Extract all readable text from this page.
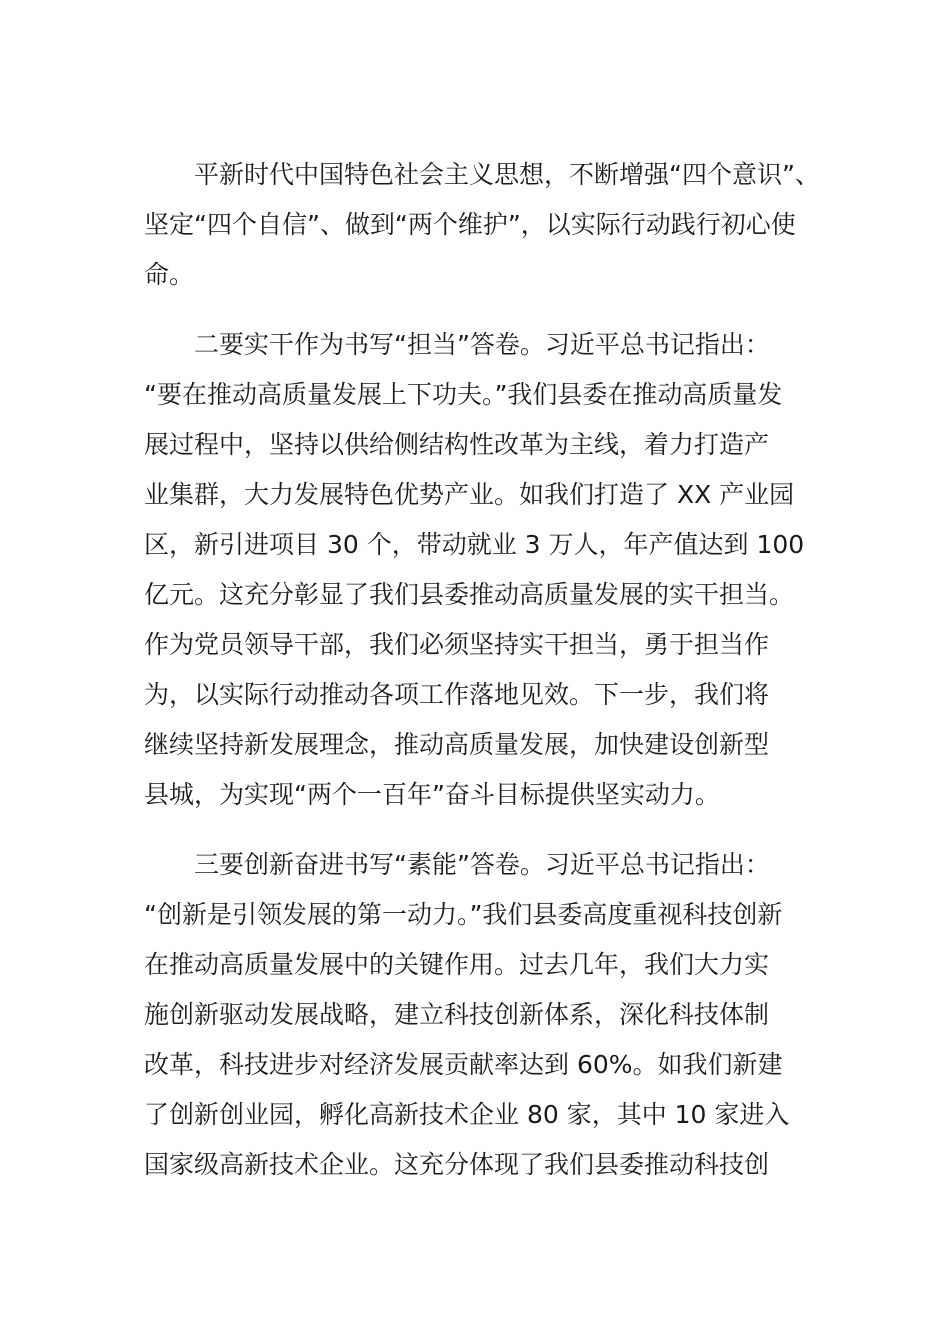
平新时代中国特色社会主义思想，不断增强“四个意识”、
坚定“四个自信”、做到“两个维护”，以实际行动践行初心使
命。

二要实干作为书写“担当”答卷。习近平总书记指出：
“要在推动高质量发展上下功夫。”我们县委在推动高质量发
展过程中，坚持以供给侧结构性改革为主线，着力打造产
业集群，大力发展特色优势产业。如我们打造了 XX 产业园
区，新引进项目 30 个，带动就业 3 万人，年产值达到 100
亿元。这充分彰显了我们县委推动高质量发展的实干担当。
作为党员领导干部，我们必须坚持实干担当，勇于担当作
为，以实际行动推动各项工作落地见效。下一步，我们将
继续坚持新发展理念，推动高质量发展，加快建设创新型
县城，为实现“两个一百年”奋斗目标提供坚实动力。

三要创新奋进书写“素能”答卷。习近平总书记指出：
“创新是引领发展的第一动力。”我们县委高度重视科技创新
在推动高质量发展中的关键作用。过去几年，我们大力实
施创新驱动发展战略，建立科技创新体系，深化科技体制
改革，科技进步对经济发展贡献率达到 60%。如我们新建
了创新创业园，孵化高新技术企业 80 家，其中 10 家进入
国家级高新技术企业。这充分体现了我们县委推动科技创
